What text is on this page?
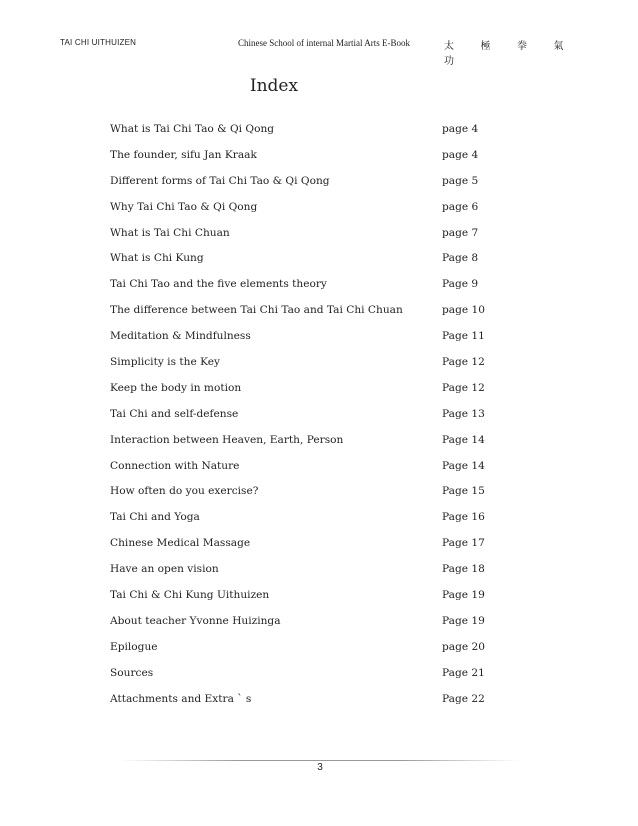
TAI CHI UITHUIZEN	Chinese School of internal Martial Arts E-Book	太 極 拳 氣 功
Index
What is Tai Chi Tao & Qi Qong	page 4
The founder, sifu Jan Kraak	page 4
Different forms of Tai Chi Tao & Qi Qong	page 5
Why Tai Chi Tao & Qi Qong	page 6
What is Tai Chi Chuan	page 7
What is Chi Kung	Page 8
Tai Chi Tao and the five elements theory	Page 9
The difference between Tai Chi Tao and Tai Chi Chuan	page 10
Meditation & Mindfulness	Page 11
Simplicity is the Key	Page 12
Keep the body in motion	Page 12
Tai Chi and self-defense	Page 13
Interaction between Heaven, Earth, Person	Page 14
Connection with Nature	Page 14
How often do you exercise?	Page 15
Tai Chi and Yoga	Page 16
Chinese Medical Massage	Page 17
Have an open vision	Page 18
Tai Chi & Chi Kung Uithuizen	Page 19
About teacher Yvonne Huizinga	Page 19
Epilogue	page 20
Sources	Page 21
Attachments and Extra ` s	Page 22
3
